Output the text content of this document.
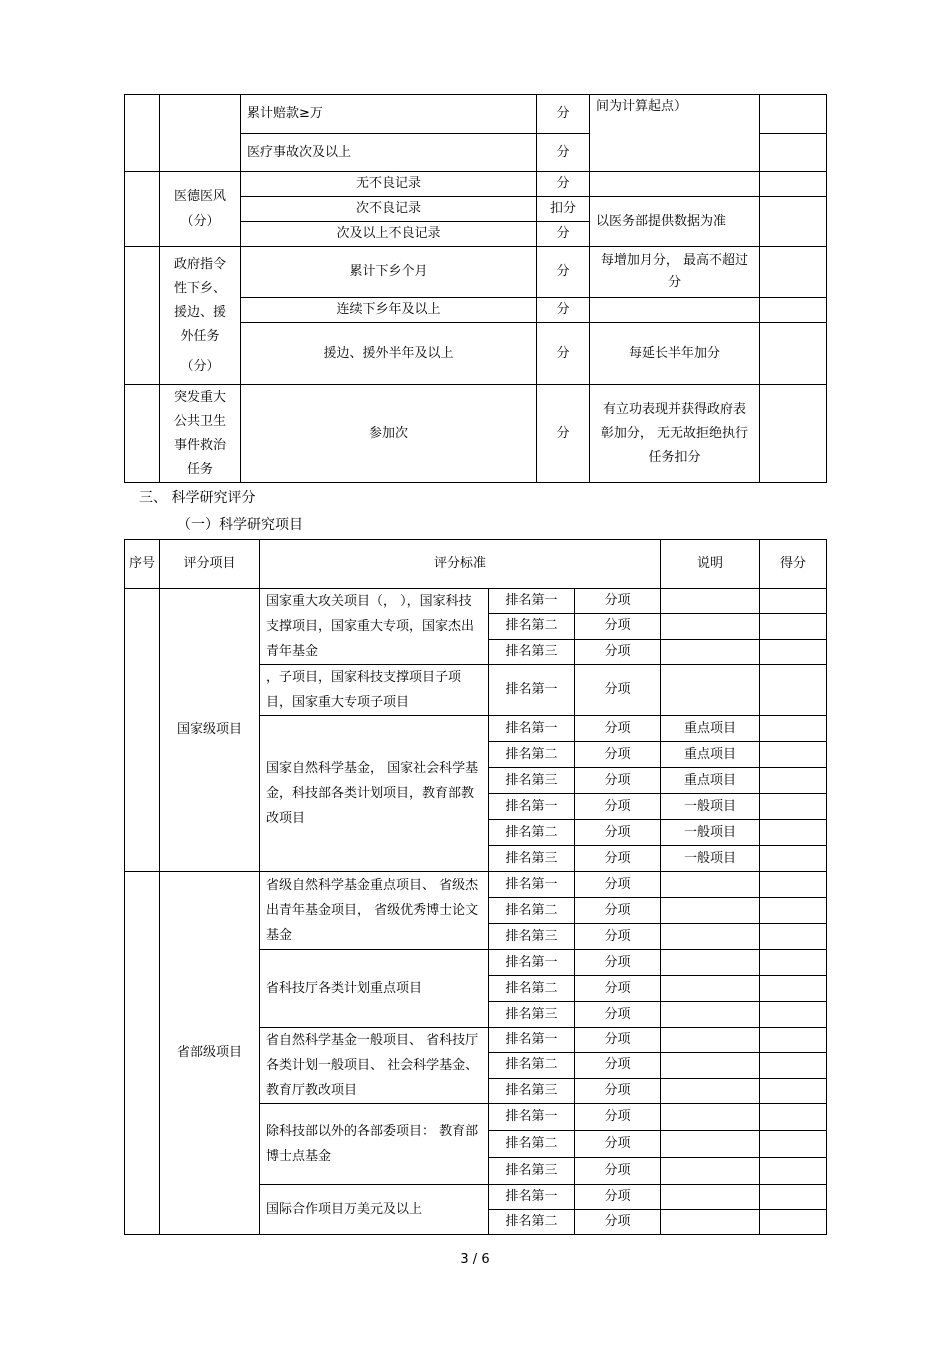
		累计赔款≥万	分	间为计算起点）	
		医疗事故次及以上	分		
	医德医风（分）	无不良记录	分		
		次不良记录	扣分	以医务部提供数据为准	
		次及以上不良记录	分		

	政府指令
性下乡、
援边、援
外任务
（分）	累计下乡个月	分	每增加月分， 最高不超过分	
		连续下乡年及以上	分		
		援边、援外半年及以上	分	每延长半年加分	

	突发重大
公共卫生
事件救治
任务	参加次	分	有立功表现并获得政府表彰加分， 无无故拒绝执行任务扣分	
三、 科学研究评分
（一）科学研究项目
序号	评分项目	评分标准			说明	得分
	国家级项目	国家重大攻关项目（， ），国家科技支撑项目，国家重大专项，国家杰出青年基金	排名第一	分项		
			排名第二	分项		
			排名第三	分项		
		，子项目，国家科技支撑项目子项目，国家重大专项子项目	排名第一	分项		
		国家自然科学基金， 国家社会科学基金，科技部各类计划项目，教育部教改项目	排名第一	分项	重点项目	
			排名第二	分项	重点项目	
			排名第三	分项	重点项目	
			排名第一	分项	一般项目	
			排名第二	分项	一般项目	
			排名第三	分项	一般项目	
	省部级项目	省级自然科学基金重点项目、 省级杰出青年基金项目， 省级优秀博士论文基金	排名第一	分项		
			排名第二	分项		
			排名第三	分项		
		省科技厅各类计划重点项目	排名第一	分项		
			排名第二	分项		
			排名第三	分项		
		省自然科学基金一般项目、 省科技厅各类计划一般项目、 社会科学基金、教育厅教改项目	排名第一	分项		
			排名第二	分项		
			排名第三	分项		
		除科技部以外的各部委项目： 教育部博士点基金	排名第一	分项		
			排名第二	分项		
			排名第三	分项		
		国际合作项目万美元及以上	排名第一	分项		
			排名第二	分项		
3 / 6
